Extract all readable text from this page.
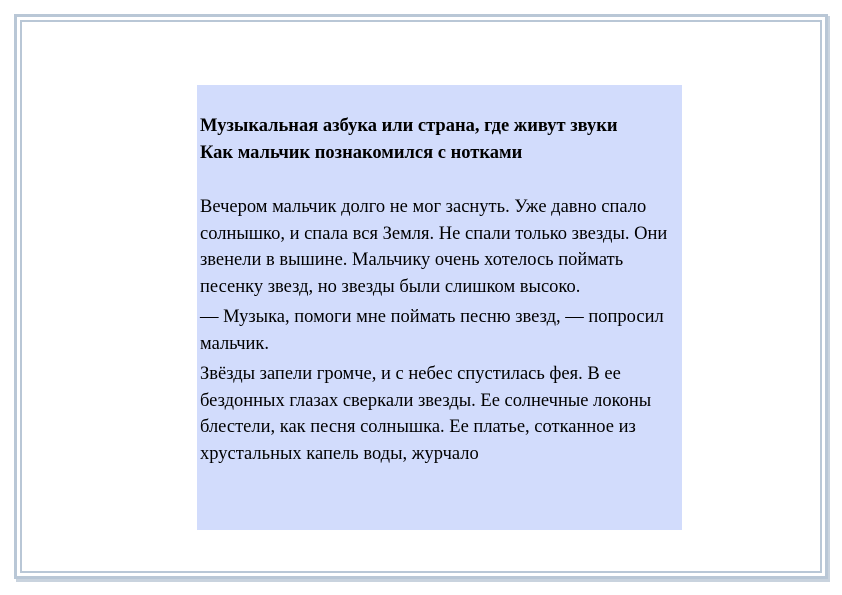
Музыкальная азбука или страна, где живут звуки

Как мальчик познакомился с нотками

Вечером мальчик долго не мог заснуть. Уже давно спало солнышко, и спала вся Земля. Не спали только звезды. Они звенели в вышине. Мальчику очень хотелось поймать песенку звезд, но звезды были слишком высоко.

— Музыка, помоги мне поймать песню звезд, — попросил мальчик.

Звёзды запели громче, и с небес спустилась фея. В ее бездонных глазах сверкали звезды. Ее солнечные локоны блестели, как песня солнышка. Ее платье, сотканное из хрустальных капель воды, журчало
